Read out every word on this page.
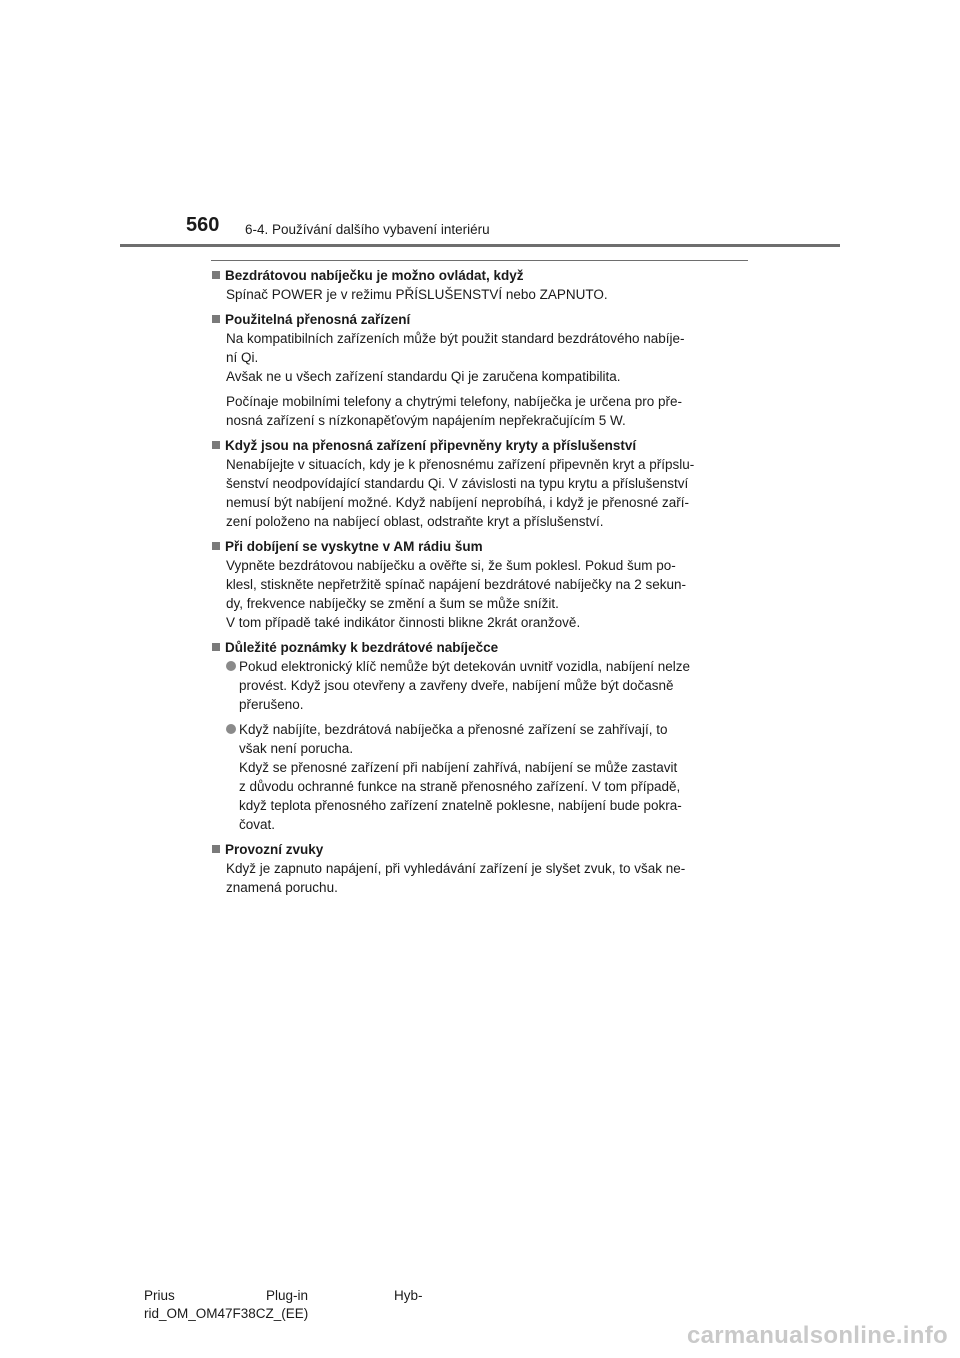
560 6-4. Používání dalšího vybavení interiéru
Bezdrátovou nabíječku je možno ovládat, když
Spínač POWER je v režimu PŘÍSLUŠENSTVÍ nebo ZAPNUTO.
Použitelná přenosná zařízení
Na kompatibilních zařízeních může být použit standard bezdrátového nabíje-
ní Qi.
Avšak ne u všech zařízení standardu Qi je zaručena kompatibilita.
Počínaje mobilními telefony a chytrými telefony, nabíječka je určena pro pře-
nosná zařízení s nízkonapěťovým napájením nepřekračujícím 5 W.
Když jsou na přenosná zařízení připevněny kryty a příslušenství
Nenabíjejte v situacích, kdy je k přenosnému zařízení připevněn kryt a přípslu-
šenství neodpovídající standardu Qi. V závislosti na typu krytu a příslušenství
nemusí být nabíjení možné. Když nabíjení neprobíhá, i když je přenosné zaří-
zení položeno na nabíjecí oblast, odstraňte kryt a příslušenství.
Při dobíjení se vyskytne v AM rádiu šum
Vypněte bezdrátovou nabíječku a ověřte si, že šum poklesl. Pokud šum po-
klesl, stiskněte nepřetržitě spínač napájení bezdrátové nabíječky na 2 sekun-
dy, frekvence nabíječky se změní a šum se může snížit.
V tom případě také indikátor činnosti blikne 2krát oranžově.
Důležité poznámky k bezdrátové nabíječce
Pokud elektronický klíč nemůže být detekován uvnitř vozidla, nabíjení nelze
provést. Když jsou otevřeny a zavřeny dveře, nabíjení může být dočasně
přerušeno.
Když nabíjíte, bezdrátová nabíječka a přenosné zařízení se zahřívají, to
však není porucha.
Když se přenosné zařízení při nabíjení zahřívá, nabíjení se může zastavit
z důvodu ochranné funkce na straně přenosného zařízení. V tom případě,
když teplota přenosného zařízení znatelně poklesne, nabíjení bude pokra-
čovat.
Provozní zvuky
Když je zapnuto napájení, při vyhledávání zařízení je slyšet zvuk, to však ne-
znamená poruchu.
Prius	Plug-in	Hyb-
rid_OM_OM47F38CZ_(EE)
carmanualsonline.info
